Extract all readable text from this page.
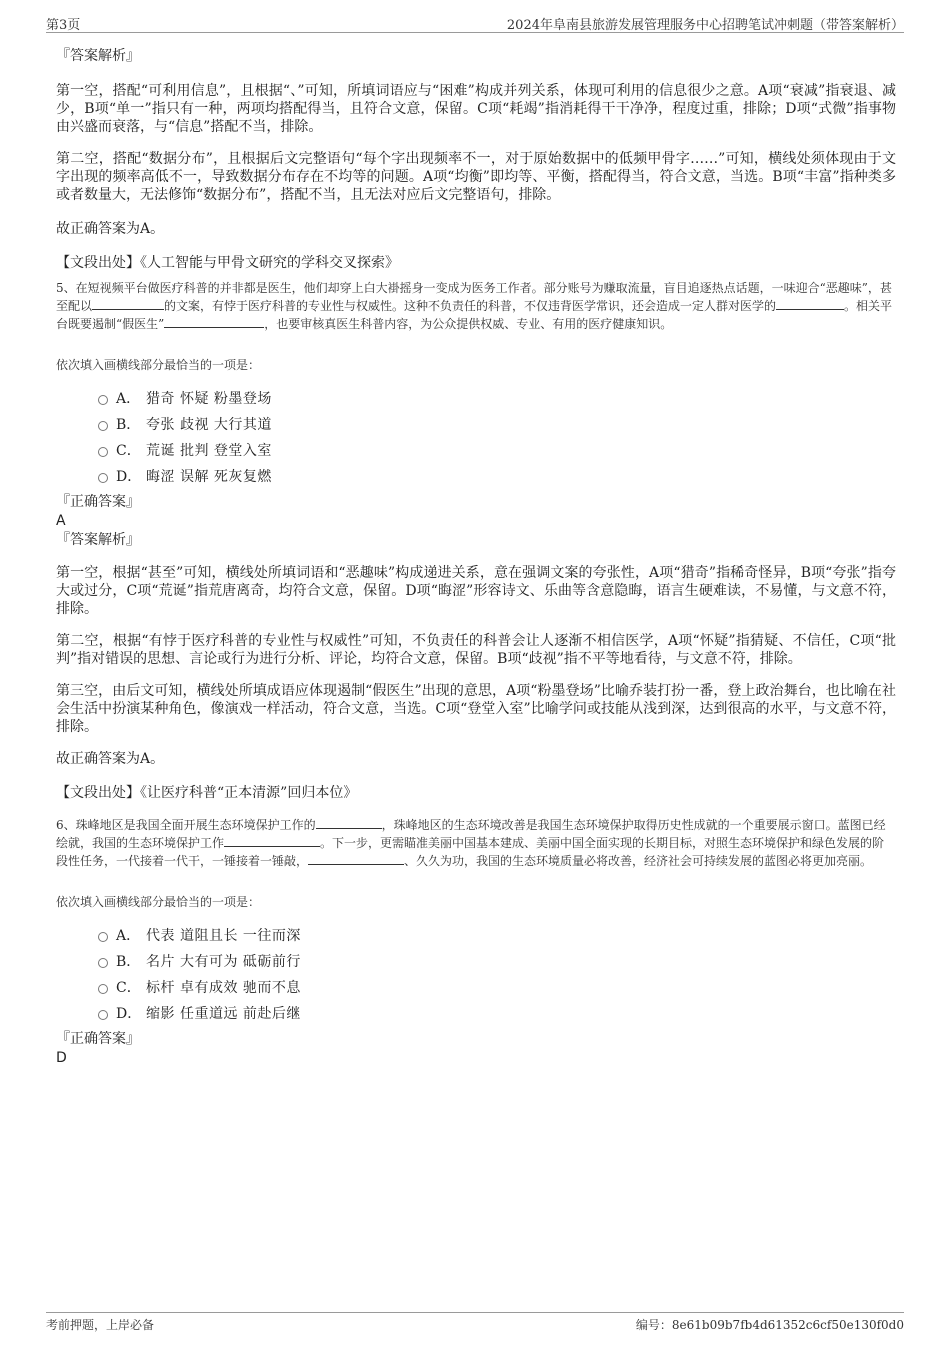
第3页	2024年阜南县旅游发展管理服务中心招聘笔试冲刺题（带答案解析）
『答案解析』

第一空，搭配“可利用信息”，且根据“、”可知，所填词语应与“困难”构成并列关系，体现可利用的信息很少之意。A项“衰减”指衰退、减少，B项“单一”指只有一种，两项均搭配得当，且符合文意，保留。C项“耗竭”指消耗得干干净净，程度过重，排除；D项“式微”指事物由兴盛而衰落，与“信息”搭配不当，排除。

第二空，搭配“数据分布”，且根据后文完整语句“每个字出现频率不一，对于原始数据中的低频甲骨字……”可知，横线处须体现由于文字出现的频率高低不一，导致数据分布存在不均等的问题。A项“均衡”即均等、平衡，搭配得当，符合文意，当选。B项“丰富”指种类多或者数量大，无法修饰“数据分布”，搭配不当，且无法对应后文完整语句，排除。

故正确答案为A。

【文段出处】《人工智能与甲骨文研究的学科交叉探索》

5、在短视频平台做医疗科普的并非都是医生，他们却穿上白大褂摇身一变成为医务工作者。部分账号为赚取流量，盲目追逐热点话题，一味迎合“恶趣味”，甚至配以	的文案，有悖于医疗科普的专业性与权威性。这种不负责任的科普，不仅违背医学常识，还会造成一定人群对医学的	。相关平台既要遏制“假医生”	，也要审核真医生科普内容，为公众提供权威、专业、有用的医疗健康知识。

依次填入画横线部分最恰当的一项是：

A． 猎奇 怀疑 粉墨登场
B． 夸张 歧视 大行其道
C． 荒诞 批判 登堂入室
D． 晦涩 误解 死灰复燃
『正确答案』
A
『答案解析』

第一空，根据“甚至”可知，横线处所填词语和“恶趣味”构成递进关系，意在强调文案的夸张性，A项“猎奇”指稀奇怪异，B项“夸张”指夸大或过分，C项“荒诞”指荒唐离奇，均符合文意，保留。D项“晦涩”形容诗文、乐曲等含意隐晦，语言生硬难读，不易懂，与文意不符，排除。

第二空，根据“有悖于医疗科普的专业性与权威性”可知，不负责任的科普会让人逐渐不相信医学，A项“怀疑”指猜疑、不信任，C项“批判”指对错误的思想、言论或行为进行分析、评论，均符合文意，保留。B项“歧视”指不平等地看待，与文意不符，排除。

第三空，由后文可知，横线处所填成语应体现遏制“假医生”出现的意思，A项“粉墨登场”比喻乔装打扮一番，登上政治舞台，也比喻在社会生活中扮演某种角色，像演戏一样活动，符合文意，当选。C项“登堂入室”比喻学问或技能从浅到深，达到很高的水平，与文意不符，排除。

故正确答案为A。

【文段出处】《让医疗科普“正本清源”回归本位》

6、珠峰地区是我国全面开展生态环境保护工作的	，珠峰地区的生态环境改善是我国生态环境保护取得历史性成就的一个重要展示窗口。蓝图已经绘就，我国的生态环境保护工作	。下一步，更需瞄准美丽中国基本建成、美丽中国全面实现的长期目标，对照生态环境保护和绿色发展的阶段性任务，一代接着一代干，一锤接着一锤敲，	、久久为功，我国的生态环境质量必将改善，经济社会可持续发展的蓝图必将更加亮丽。

依次填入画横线部分最恰当的一项是：

A． 代表 道阻且长 一往而深
B． 名片 大有可为 砥砺前行
C． 标杆 卓有成效 驰而不息
D． 缩影 任重道远 前赴后继
『正确答案』
D
考前押题，上岸必备	编号：8e61b09b7fb4d61352c6cf50e130f0d0
